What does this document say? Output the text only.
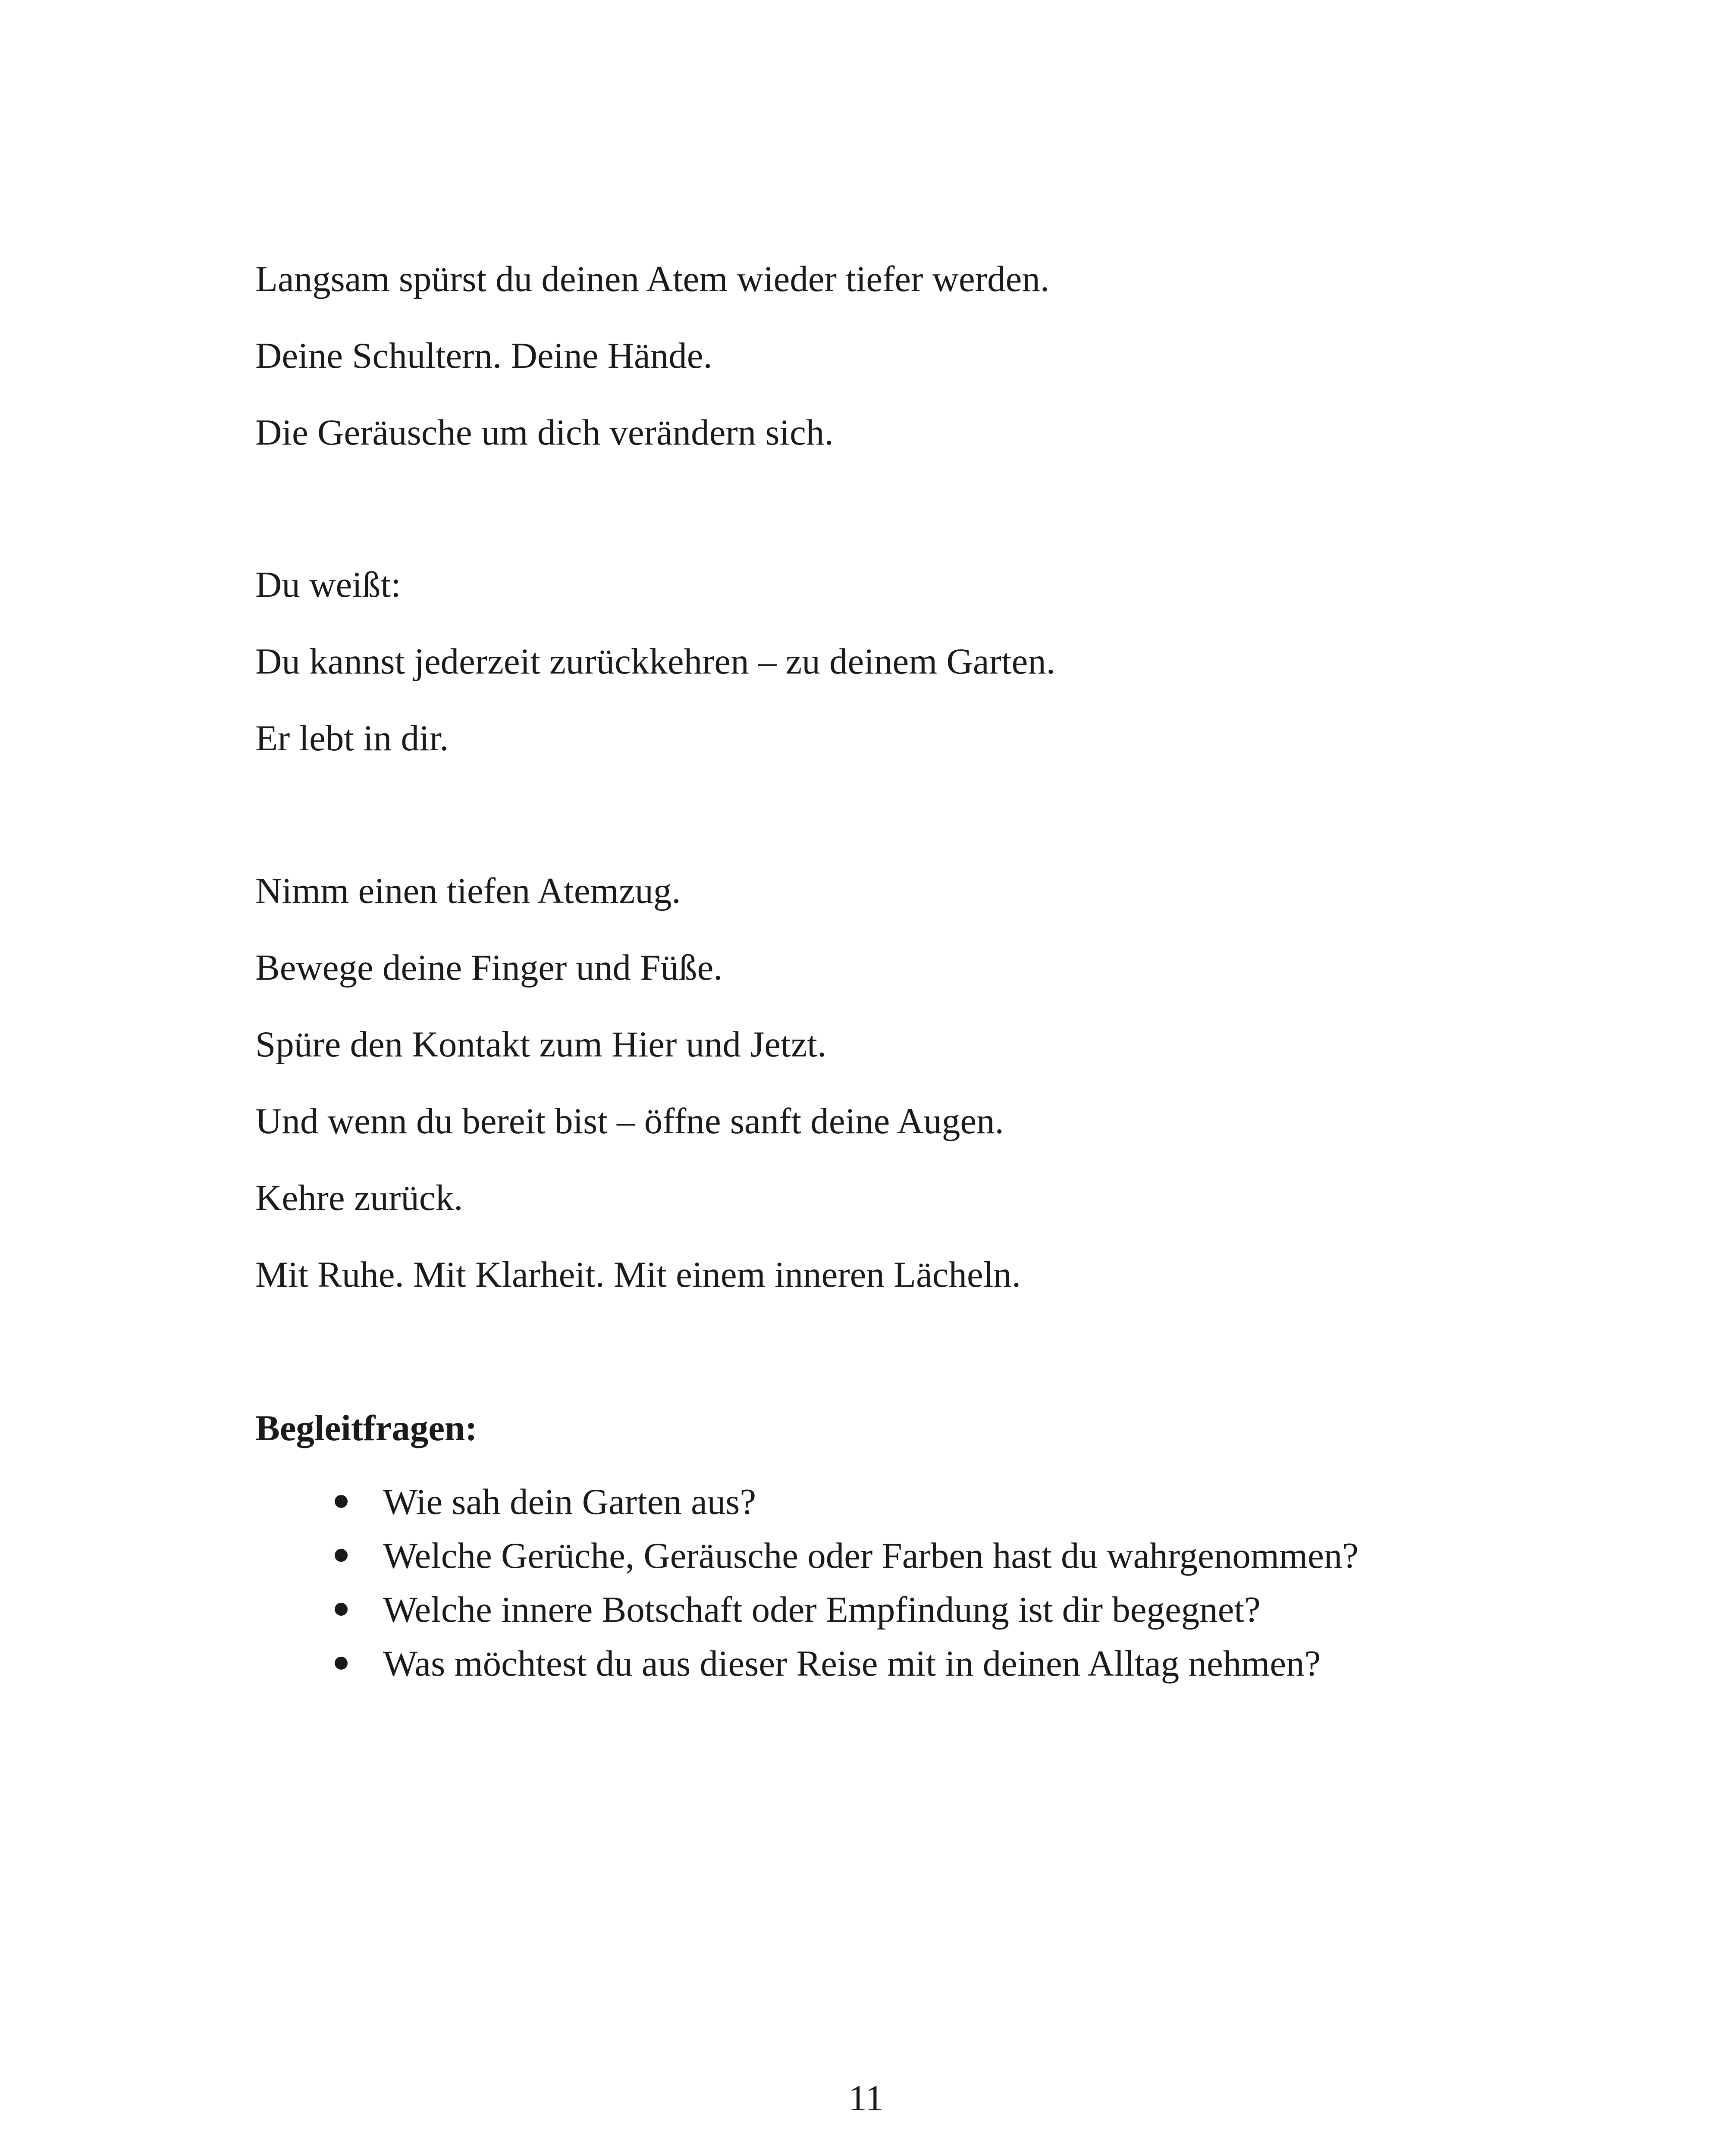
Langsam spürst du deinen Atem wieder tiefer werden.

Deine Schultern. Deine Hände.

Die Geräusche um dich verändern sich.

Du weißt:

Du kannst jederzeit zurückkehren – zu deinem Garten.

Er lebt in dir.

Nimm einen tiefen Atemzug.

Bewege deine Finger und Füße.

Spüre den Kontakt zum Hier und Jetzt.

Und wenn du bereit bist – öffne sanft deine Augen.

Kehre zurück.

Mit Ruhe. Mit Klarheit. Mit einem inneren Lächeln.

Begleitfragen:
Wie sah dein Garten aus?
Welche Gerüche, Geräusche oder Farben hast du wahrgenommen?
Welche innere Botschaft oder Empfindung ist dir begegnet?
Was möchtest du aus dieser Reise mit in deinen Alltag nehmen?
11
